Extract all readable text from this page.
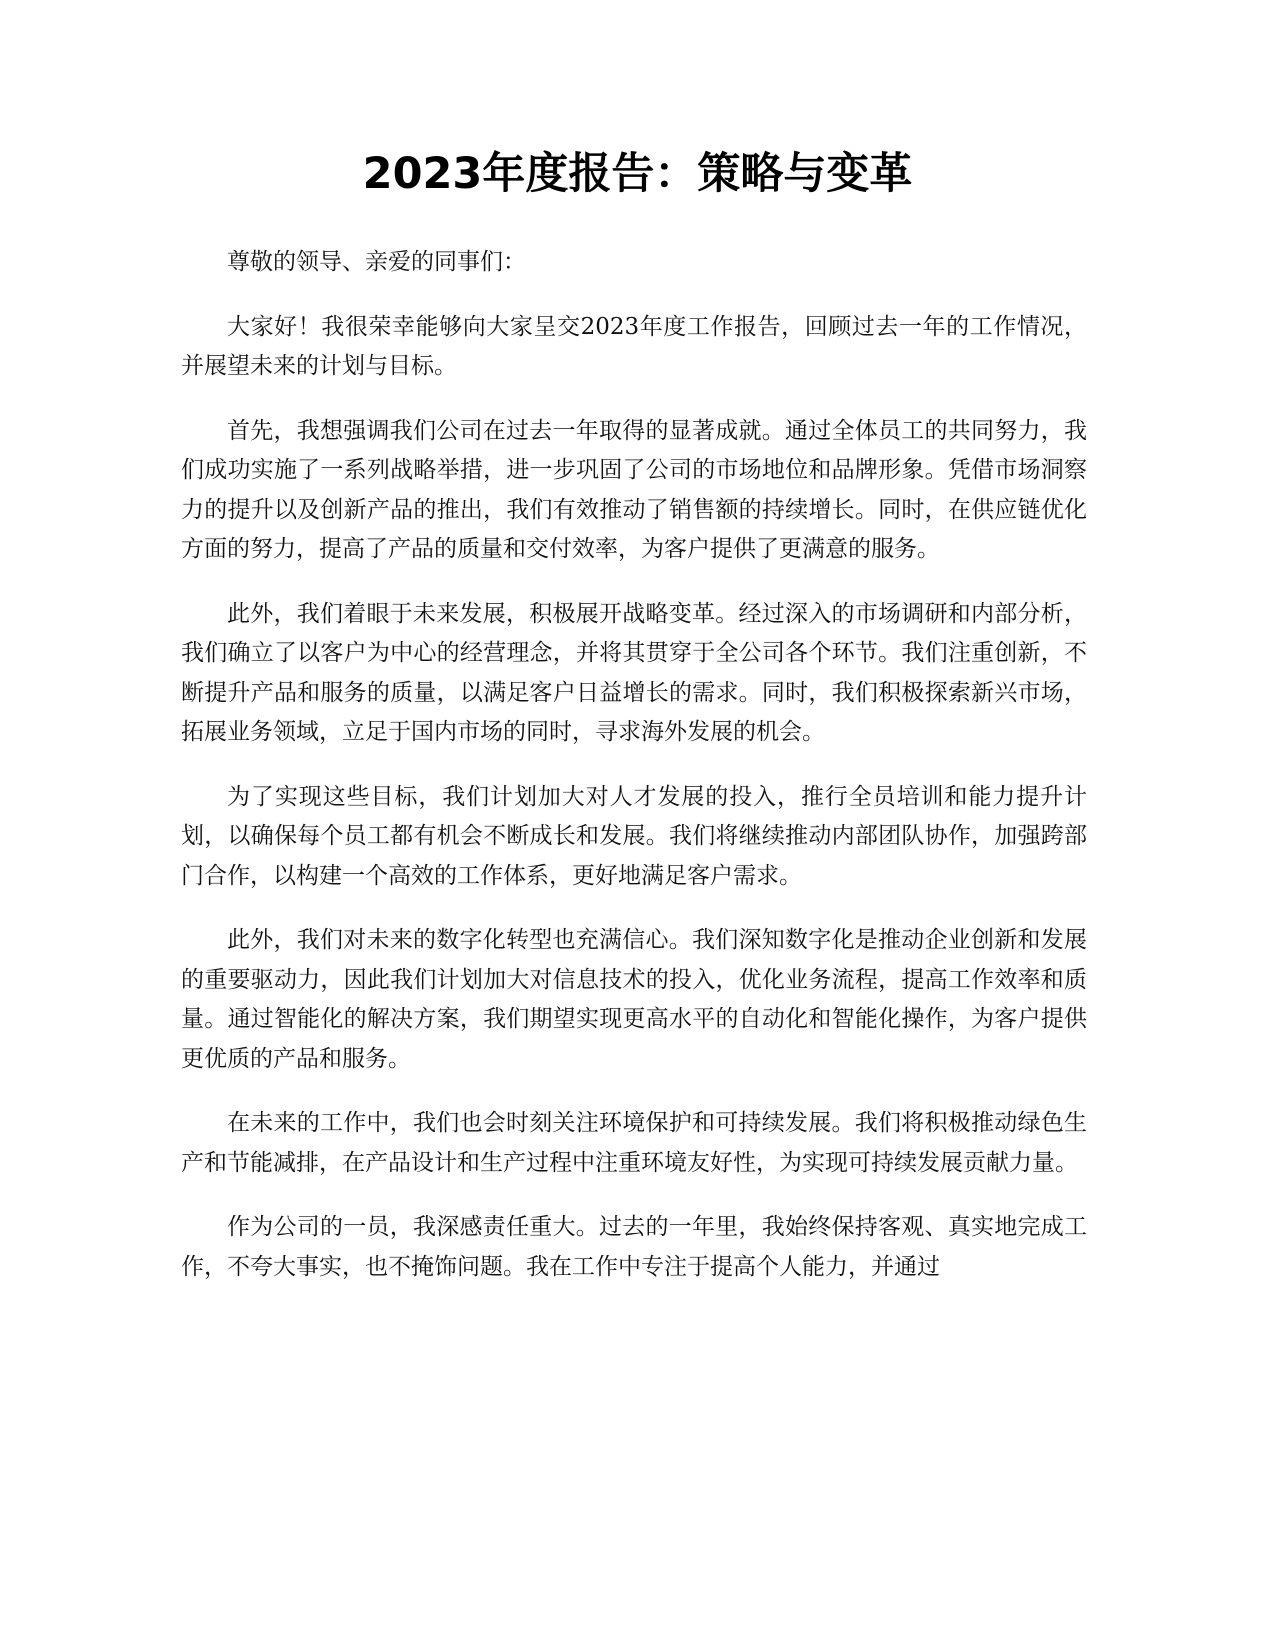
2023年度报告：策略与变革

尊敬的领导、亲爱的同事们：

大家好！我很荣幸能够向大家呈交2023年度工作报告，回顾过去一年的工作情况，并展望未来的计划与目标。

首先，我想强调我们公司在过去一年取得的显著成就。通过全体员工的共同努力，我们成功实施了一系列战略举措，进一步巩固了公司的市场地位和品牌形象。凭借市场洞察力的提升以及创新产品的推出，我们有效推动了销售额的持续增长。同时，在供应链优化方面的努力，提高了产品的质量和交付效率，为客户提供了更满意的服务。

此外，我们着眼于未来发展，积极展开战略变革。经过深入的市场调研和内部分析，我们确立了以客户为中心的经营理念，并将其贯穿于全公司各个环节。我们注重创新，不断提升产品和服务的质量，以满足客户日益增长的需求。同时，我们积极探索新兴市场，拓展业务领域，立足于国内市场的同时，寻求海外发展的机会。

为了实现这些目标，我们计划加大对人才发展的投入，推行全员培训和能力提升计划，以确保每个员工都有机会不断成长和发展。我们将继续推动内部团队协作，加强跨部门合作，以构建一个高效的工作体系，更好地满足客户需求。

此外，我们对未来的数字化转型也充满信心。我们深知数字化是推动企业创新和发展的重要驱动力，因此我们计划加大对信息技术的投入，优化业务流程，提高工作效率和质量。通过智能化的解决方案，我们期望实现更高水平的自动化和智能化操作，为客户提供更优质的产品和服务。

在未来的工作中，我们也会时刻关注环境保护和可持续发展。我们将积极推动绿色生产和节能减排，在产品设计和生产过程中注重环境友好性，为实现可持续发展贡献力量。

作为公司的一员，我深感责任重大。过去的一年里，我始终保持客观、真实地完成工作，不夸大事实，也不掩饰问题。我在工作中专注于提高个人能力，并通过
